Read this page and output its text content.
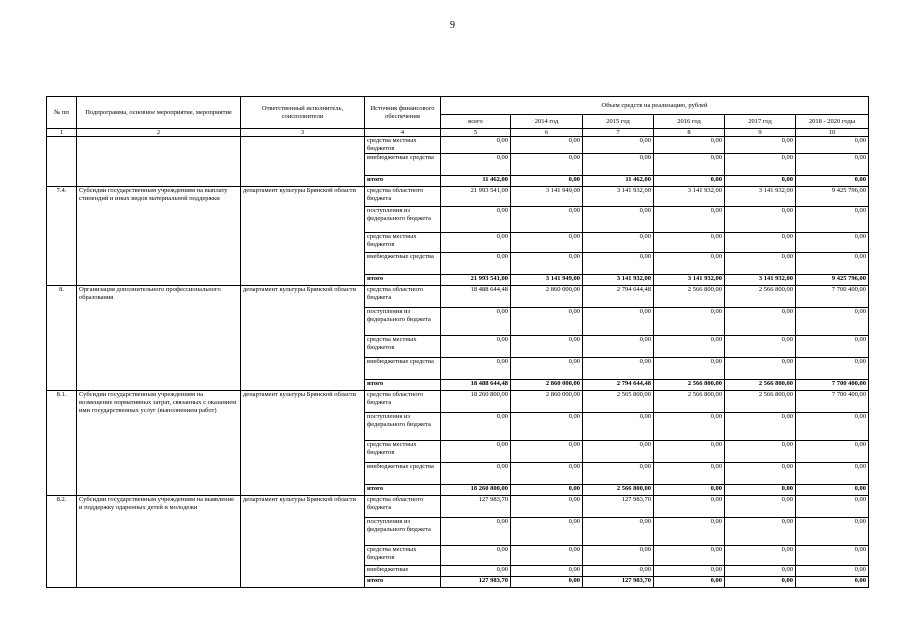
9
№ пп	Подпрограмма, основное мероприятие, мероприятие	Ответственный исполнитель, соисполнители	Источник финансового обеспечения	Объем средств на реализацию, рублей					
				всего	2014 год	2015 год	2016 год	2017 год	2018 - 2020 годы
1	2	3	4	5	6	7	8	9	10
			средства местных бюджетов	0,00	0,00	0,00	0,00	0,00	0,00
			внебюджетные средства	0,00	0,00	0,00	0,00	0,00	0,00
			итого	11 462,00	0,00	11 462,00	0,00	0,00	0,00
7.4.	Субсидии государственным учреждениям на выплату стипендий и иных видов материальной поддержки	департамент культуры Брянской области	средства областного бюджета	21 993 541,00	3 141 949,00	3 141 932,00	3 141 932,00	3 141 932,00	9 425 796,00
			поступления из федерального бюджета	0,00	0,00	0,00	0,00	0,00	0,00
			средства местных бюджетов	0,00	0,00	0,00	0,00	0,00	0,00
			внебюджетные средства	0,00	0,00	0,00	0,00	0,00	0,00
			итого	21 993 541,00	3 141 949,00	3 141 932,00	3 141 932,00	3 141 932,00	9 425 796,00
8.	Организация дополнительного профессионального образования	департамент культуры Брянской области	средства областного бюджета	18 488 644,48	2 860 000,00	2 794 644,48	2 566 800,00	2 566 800,00	7 700 400,00
			поступления из федерального бюджета	0,00	0,00	0,00	0,00	0,00	0,00
			средства местных бюджетов	0,00	0,00	0,00	0,00	0,00	0,00
			внебюджетные средства	0,00	0,00	0,00	0,00	0,00	0,00
			итого	18 488 644,48	2 860 000,00	2 794 644,48	2 566 800,00	2 566 800,00	7 700 400,00
8.1.	Субсидии государственным учреждениям на возмещение нормативных затрат, связанных с оказанием ими государственных услуг (выполнением работ)	департамент культуры Брянской области	средства областного бюджета	18 260 800,00	2 860 000,00	2 565 800,00	2 566 800,00	2 566 800,00	7 700 400,00
			поступления из федерального бюджета	0,00	0,00	0,00	0,00	0,00	0,00
			средства местных бюджетов	0,00	0,00	0,00	0,00	0,00	0,00
			внебюджетные средства	0,00	0,00	0,00	0,00	0,00	0,00
			итого	18 260 800,00	0,00	2 566 800,00	0,00	0,00	0,00
8.2.	Субсидии государственным учреждениям на выявление и поддержку одаренных детей и молодежи	департамент культуры Брянской области	средства областного бюджета	127 983,70	0,00	127 983,70	0,00	0,00	0,00
			поступления из федерального бюджета	0,00	0,00	0,00	0,00	0,00	0,00
			средства местных бюджетов	0,00	0,00	0,00	0,00	0,00	0,00
			внебюджетные	0,00	0,00	0,00	0,00	0,00	0,00
			итого	127 983,70	0,00	127 983,70	0,00	0,00	0,00
